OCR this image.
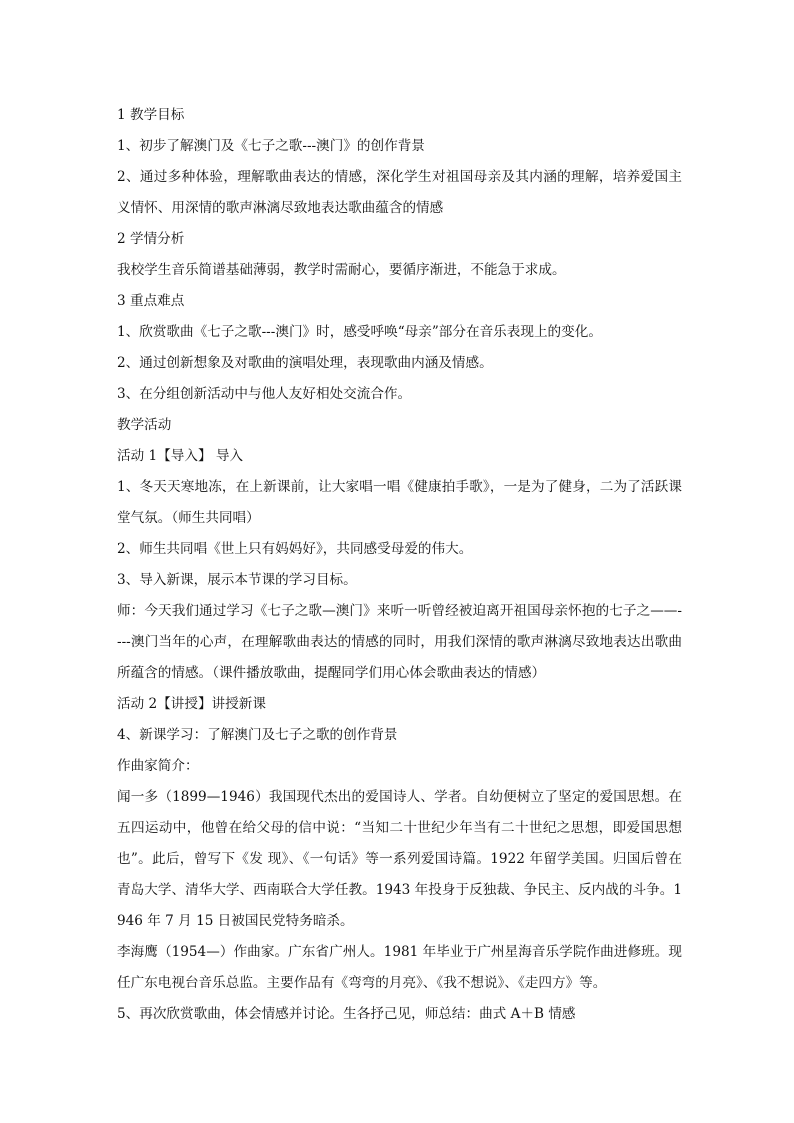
1 教学目标

1、初步了解澳门及《七子之歌---澳门》的创作背景

2、通过多种体验，理解歌曲表达的情感，深化学生对祖国母亲及其内涵的理解，培养爱国主义情怀、用深情的歌声淋漓尽致地表达歌曲蕴含的情感

2 学情分析

我校学生音乐简谱基础薄弱，教学时需耐心，要循序渐进，不能急于求成。

3 重点难点

1、欣赏歌曲《七子之歌---澳门》时，感受呼唤“母亲”部分在音乐表现上的变化。

2、通过创新想象及对歌曲的演唱处理，表现歌曲内涵及情感。

3、在分组创新活动中与他人友好相处交流合作。

教学活动

活动 1【导入】 导入

1、冬天天寒地冻，在上新课前，让大家唱一唱《健康拍手歌》，一是为了健身，二为了活跃课堂气氛。（师生共同唱）

2、师生共同唱《世上只有妈妈好》，共同感受母爱的伟大。

3、导入新课，展示本节课的学习目标。

师：今天我们通过学习《七子之歌—澳门》来听一听曾经被迫离开祖国母亲怀抱的七子之——----澳门当年的心声，在理解歌曲表达的情感的同时，用我们深情的歌声淋漓尽致地表达出歌曲所蕴含的情感。（课件播放歌曲，提醒同学们用心体会歌曲表达的情感）

活动 2【讲授】讲授新课

4、新课学习：了解澳门及七子之歌的创作背景

作曲家简介：

闻一多（1899—1946）我国现代杰出的爱国诗人、学者。自幼便树立了坚定的爱国思想。在五四运动中，他曾在给父母的信中说：“当知二十世纪少年当有二十世纪之思想，即爱国思想也”。此后，曾写下《发 现》、《一句话》等一系列爱国诗篇。1922 年留学美国。归国后曾在青岛大学、清华大学、西南联合大学任教。1943 年投身于反独裁、争民主、反内战的斗争。1946 年 7 月 15 日被国民党特务暗杀。

李海鹰（1954—）作曲家。广东省广州人。1981 年毕业于广州星海音乐学院作曲进修班。现任广东电视台音乐总监。主要作品有《弯弯的月亮》、《我不想说》、《走四方》等。

5、再次欣赏歌曲，体会情感并讨论。生各抒己见，师总结：曲式 A＋B 情感
